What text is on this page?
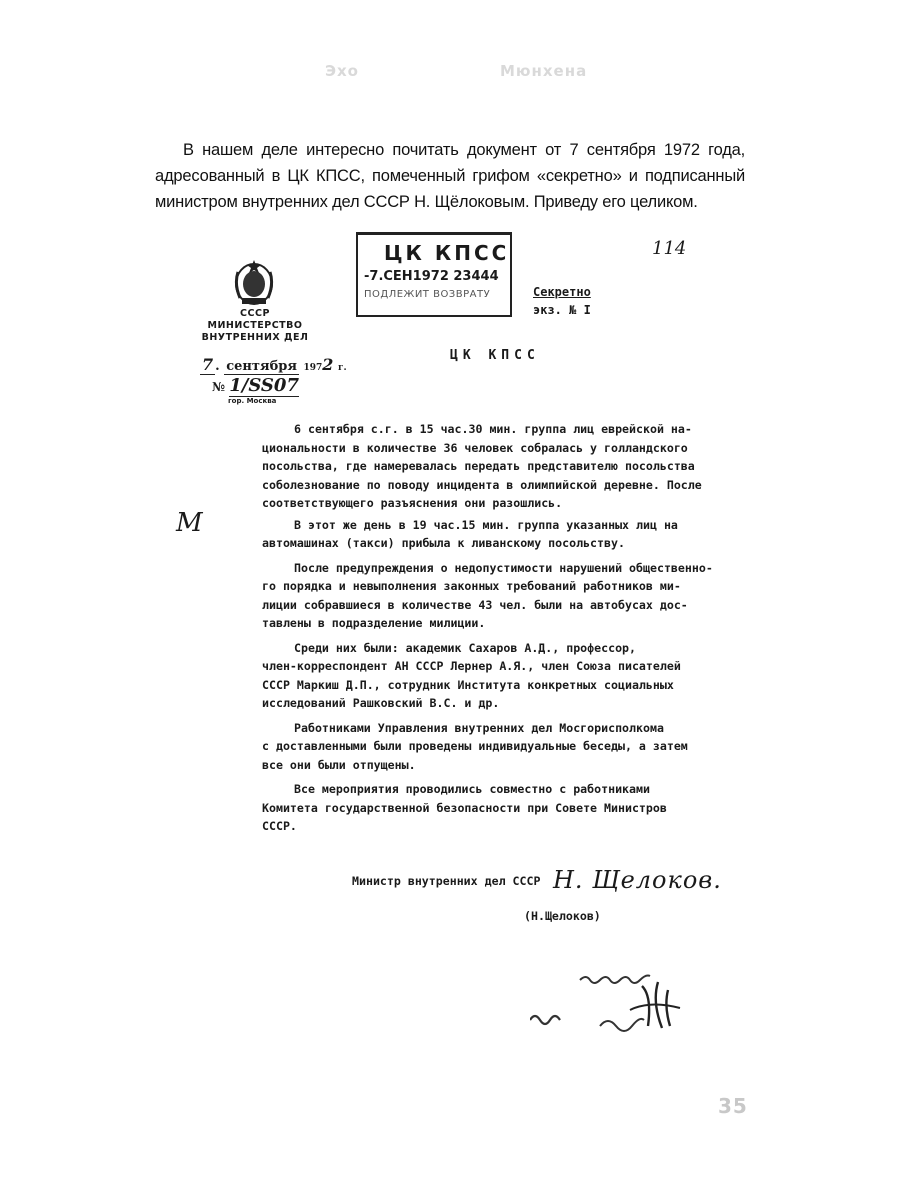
Эхо	Мюнхена

В нашем деле интересно почитать документ от 7 сентября 1972 года, адресованный в ЦК КПСС, помеченный грифом «секретно» и подписанный министром внутренних дел СССР Н. Щёлоковым. Приведу его целиком.

СССР
МИНИСТЕРСТВО
ВНУТРЕННИХ ДЕЛ
7 . сентября 1972 г.
№ 1/SS07
гор. Москва
ЦК КПСС
-7.СЕН1972 23444
ПОДЛЕЖИТ ВОЗВРАТУ
114
Секретно
экз. № I
ЦК КПСС
М

6 сентября с.г. в 15 час.30 мин. группа лиц еврейской на-
циональности в количестве 36 человек собралась у голландского
посольства, где намеревалась передать представителю посольства
соболезнование по поводу инцидента в олимпийской деревне. После
соответствующего разъяснения они разошлись.

В этот же день в 19 час.15 мин. группа указанных лиц на
автомашинах (такси) прибыла к ливанскому посольству.

После предупреждения о недопустимости нарушений общественно-
го порядка и невыполнения законных требований работников ми-
лиции собравшиеся в количестве 43 чел. были на автобусах дос-
тавлены в подразделение милиции.

Среди них были: академик Сахаров А.Д., профессор,
член-корреспондент АН СССР Лернер А.Я., член Союза писателей
СССР Маркиш Д.П., сотрудник Института конкретных социальных
исследований Рашковский В.С. и др.

Работниками Управления внутренних дел Мосгорисполкома
с доставленными были проведены индивидуальные беседы, а затем
все они были отпущены.

Все мероприятия проводились совместно с работниками
Комитета государственной безопасности при Совете Министров
СССР.

Министр внутренних дел СССР Н. Щелоков.
(Н.Щелоков)
35
